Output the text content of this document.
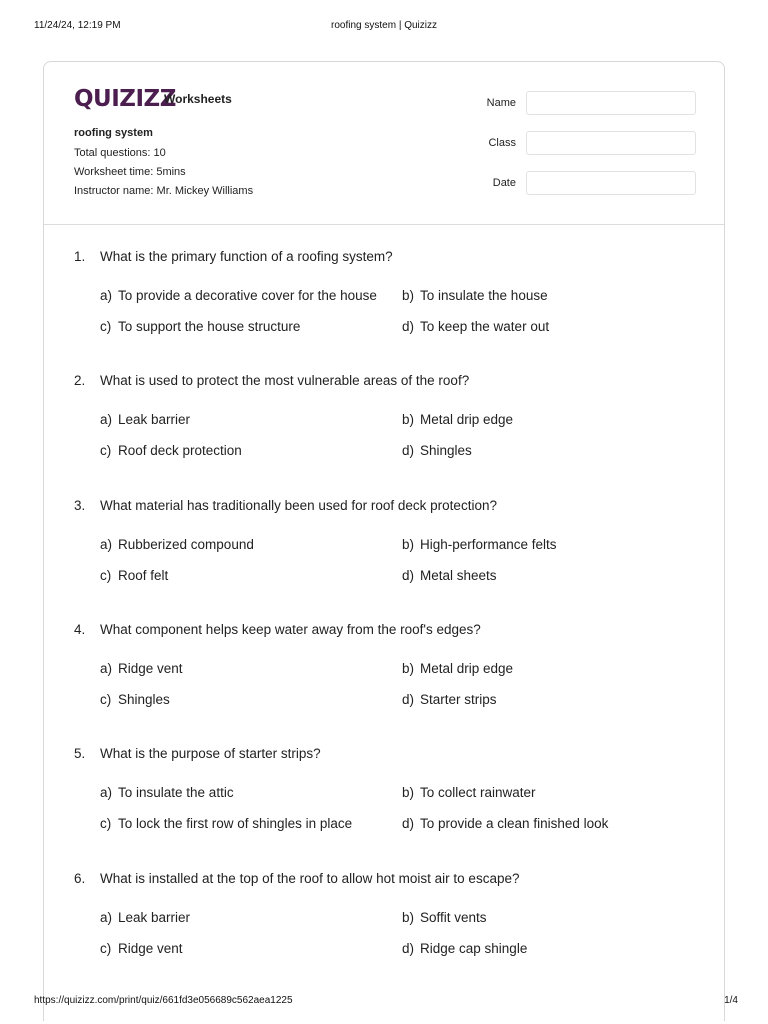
11/24/24, 12:19 PM	roofing system | Quizizz
QUIZIZZ
Worksheets
roofing system
Total questions: 10
Worksheet time: 5mins
Instructor name: Mr. Mickey Williams
Name
Class
Date
1. What is the primary function of a roofing system?
a) To provide a decorative cover for the house b) To insulate the house
c) To support the house structure	d) To keep the water out
2. What is used to protect the most vulnerable areas of the roof?
a) Leak barrier	b) Metal drip edge
c) Roof deck protection	d) Shingles
3. What material has traditionally been used for roof deck protection?
a) Rubberized compound	b) High-performance felts
c) Roof felt	d) Metal sheets
4. What component helps keep water away from the roof's edges?
a) Ridge vent	b) Metal drip edge
c) Shingles	d) Starter strips
5. What is the purpose of starter strips?
a) To insulate the attic	b) To collect rainwater
c) To lock the first row of shingles in place	d) To provide a clean finished look
6. What is installed at the top of the roof to allow hot moist air to escape?
a) Leak barrier	b) Soffit vents
c) Ridge vent	d) Ridge cap shingle
https://quizizz.com/print/quiz/661fd3e056689c562aea1225	1/4
